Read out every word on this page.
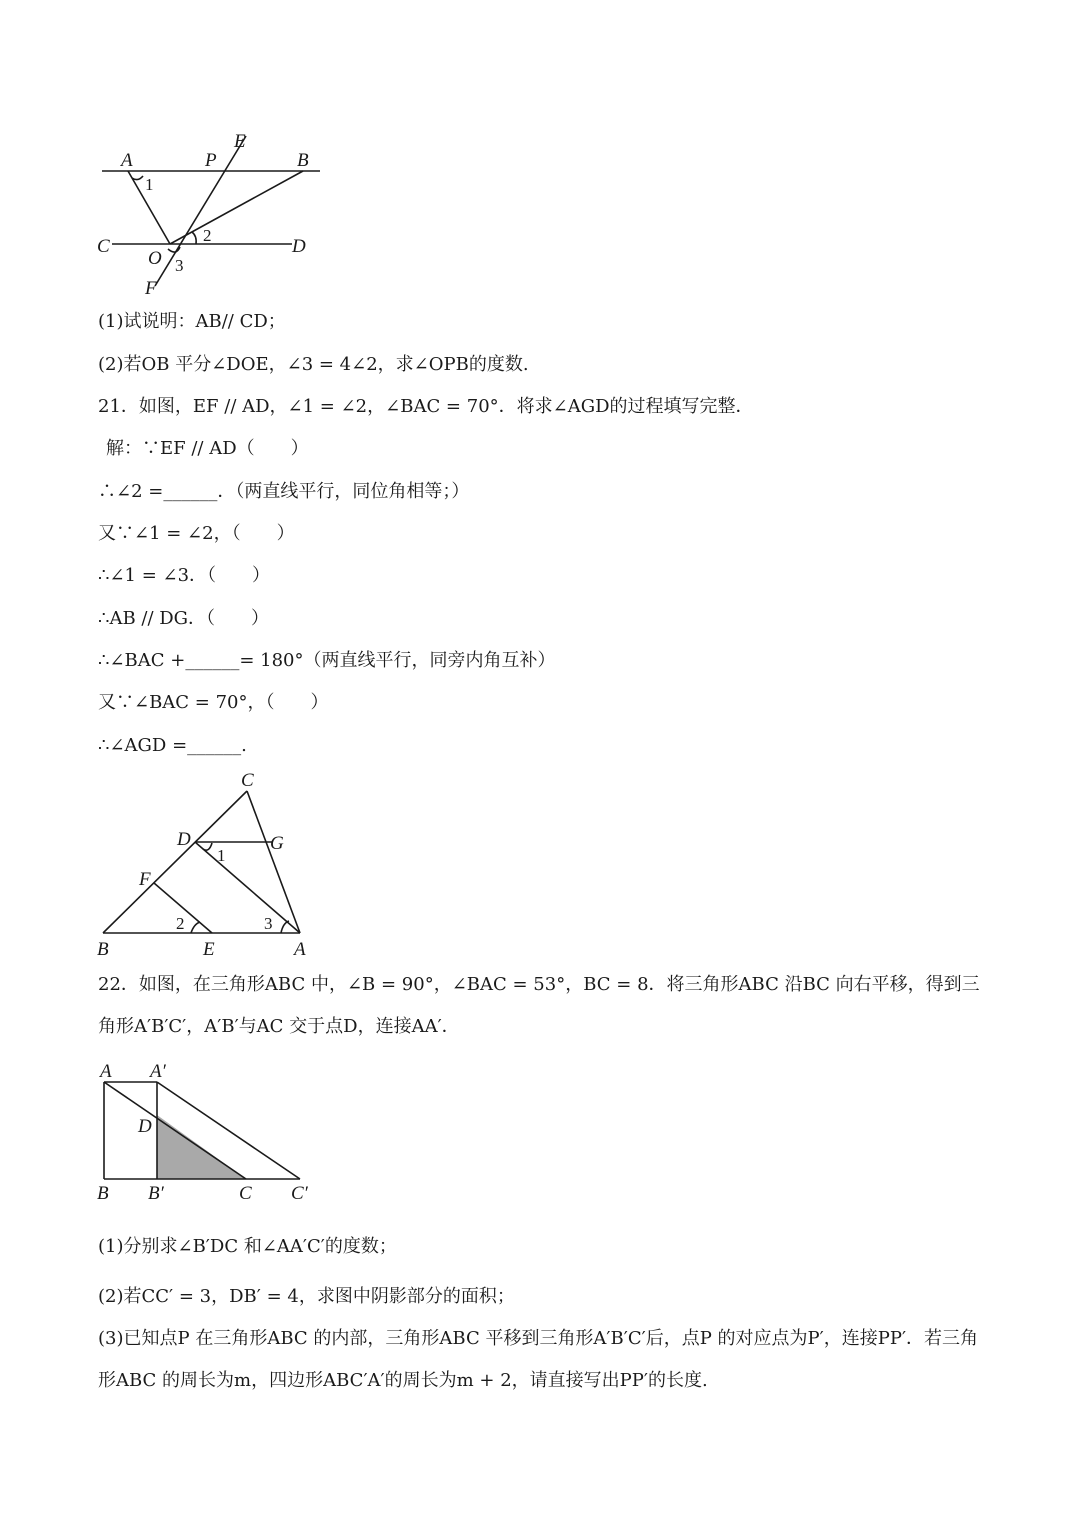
A	P
E
B
C	D
O
F
1
2
3
(1)试说明：AB// CD；
(2)若OB 平分∠DOE，∠3 = 4∠2，求∠OPB的度数.
21．如图，EF // AD，∠1 = ∠2，∠BAC = 70°．将求∠AGD的过程填写完整．
解：∵EF // AD（　　）
∴∠2 =______．（两直线平行，同位角相等；）
又∵∠1 = ∠2，（　　）
∴∠1 = ∠3．（　　）
∴AB // DG．（　　）
∴∠BAC +______= 180°（两直线平行，同旁内角互补）
又∵∠BAC = 70°，（　　）
∴∠AGD =______.
C
D	G
F
B	E	A
1
2	3
22．如图，在三角形ABC 中，∠B = 90°，∠BAC = 53°，BC = 8．将三角形ABC 沿BC 向右平移，得到三角形A′B′C′，A′B′与AC 交于点D，连接AA′．
A A′
D
B B′	C C′
(1)分别求∠B′DC 和∠AA′C′的度数；
(2)若CC′ = 3，DB′ = 4，求图中阴影部分的面积；
(3)已知点P 在三角形ABC 的内部，三角形ABC 平移到三角形A′B′C′后，点P 的对应点为P′，连接PP′．若三角形ABC 的周长为m，四边形ABC′A′的周长为m + 2，请直接写出PP′的长度.
